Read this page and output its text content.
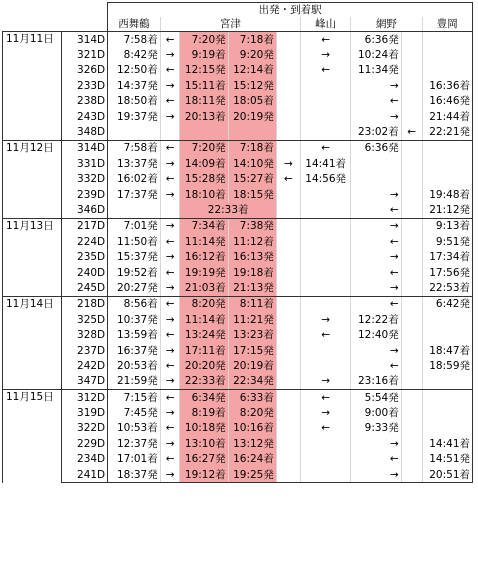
		出発・到着駅								
		西舞鶴	宮津				峰山	網野		豊岡
11月11日	314D	7:58着	←	7:20発	7:18着		←	6:36発		
	321D	8:42発	→	9:19着	9:20発		→	10:24着		
	326D	12:50着	←	12:15発	12:14着		←	11:34発		
	233D	14:37発	→	15:11着	15:12発			→		16:36着
	238D	18:50着	←	18:11発	18:05着			←		16:46発
	243D	19:37発	→	20:13着	20:19発			→		21:44着
	348D							23:02着	←	22:21発
11月12日	314D	7:58着	←	7:20発	7:18着		←	6:36発		
	331D	13:37発	→	14:09着	14:10発	→	14:41着			
	332D	16:02着	←	15:28発	15:27着	←	14:56発			
	239D	17:37発	→	18:10着	18:15発			→		19:48着
	346D			22:33着				←		21:12発
11月13日	217D	7:01発	→	7:34着	7:38発			→		9:13着
	224D	11:50着	←	11:14発	11:12着			←		9:51発
	235D	15:37発	→	16:12着	16:13発			→		17:34着
	240D	19:52着	←	19:19発	19:18着			←		17:56発
	245D	20:27発	→	21:03着	21:13発			→		22:53着
11月14日	218D	8:56着	←	8:20発	8:11着			←		6:42発
	325D	10:37発	→	11:14着	11:21発		→	12:22着		
	328D	13:59着	←	13:24発	13:23着		←	12:40発		
	237D	16:37発	→	17:11着	17:15発			→		18:47着
	242D	20:53着	←	20:20発	20:19着			←		18:59発
	347D	21:59発	→	22:33着	22:34発		→	23:16着		
11月15日	312D	7:15着	←	6:34発	6:33着		←	5:54発		
	319D	7:45発	→	8:19着	8:20発		→	9:00着		
	322D	10:53着	←	10:18発	10:16着		←	9:33発		
	229D	12:37発	→	13:10着	13:12発			→		14:41着
	234D	17:01着	←	16:27発	16:24着			←		14:51発
	241D	18:37発	→	19:12着	19:25発			→		20:51着
